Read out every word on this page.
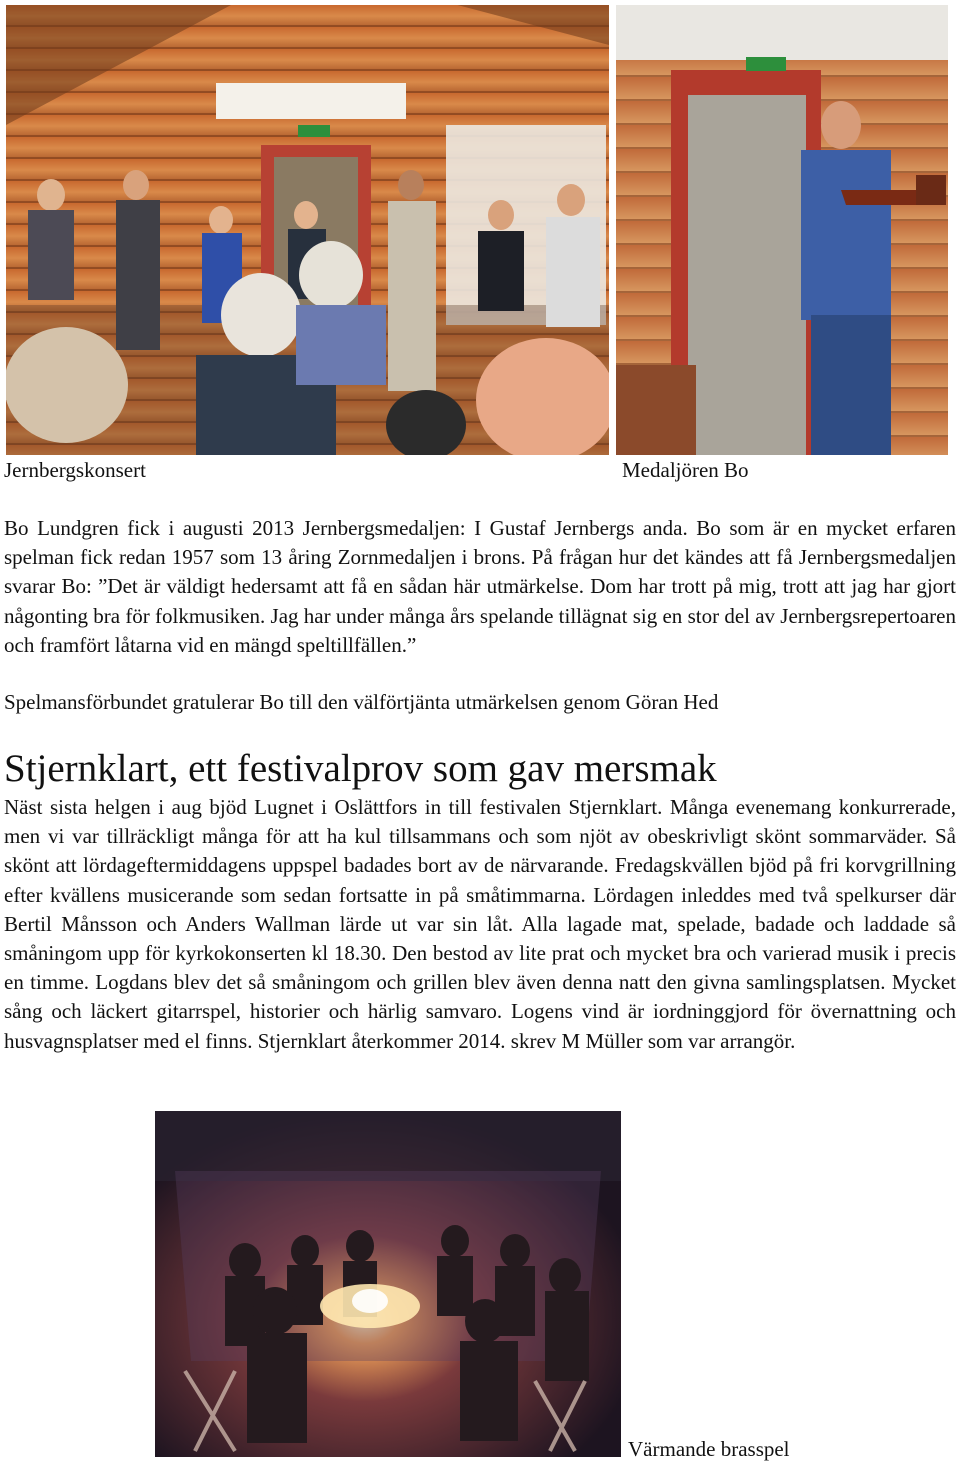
Jernbergskonsert	Medaljören Bo

Bo Lundgren fick i augusti 2013 Jernbergsmedaljen: I Gustaf Jernbergs anda. Bo som är en mycket erfaren spelman fick redan 1957 som 13 åring Zornmedaljen i brons. På frågan hur det kändes att få Jernbergsmedaljen svarar Bo: ”Det är väldigt hedersamt att få en sådan här utmärkelse. Dom har trott på mig, trott att jag har gjort någonting bra för folkmusiken. Jag har under många års spelande tillägnat sig en stor del av Jernbergsrepertoaren och framfört låtarna vid en mängd speltillfällen.”

Spelmansförbundet gratulerar Bo till den välförtjänta utmärkelsen genom Göran Hed

Stjernklart, ett festivalprov som gav mersmak

Näst sista helgen i aug bjöd Lugnet i Oslättfors in till festivalen Stjernklart. Många evenemang konkurrerade, men vi var tillräckligt många för att ha kul tillsammans och som njöt av obeskrivligt skönt sommarväder. Så skönt att lördageftermiddagens uppspel badades bort av de närvarande. Fredagskvällen bjöd på fri korvgrillning efter kvällens musicerande som sedan fortsatte in på småtimmarna. Lördagen inleddes med två spelkurser där Bertil Månsson och Anders Wallman lärde ut var sin låt. Alla lagade mat, spelade, badade och laddade så småningom upp för kyrkokonserten kl 18.30. Den bestod av lite prat och mycket bra och varierad musik i precis en timme. Logdans blev det så småningom och grillen blev även denna natt den givna samlingsplatsen. Mycket sång och läckert gitarrspel, historier och härlig samvaro. Logens vind är iordninggjord för övernattning och husvagnsplatser med el finns. Stjernklart återkommer 2014. skrev M Müller som var arrangör.

Värmande brasspel
